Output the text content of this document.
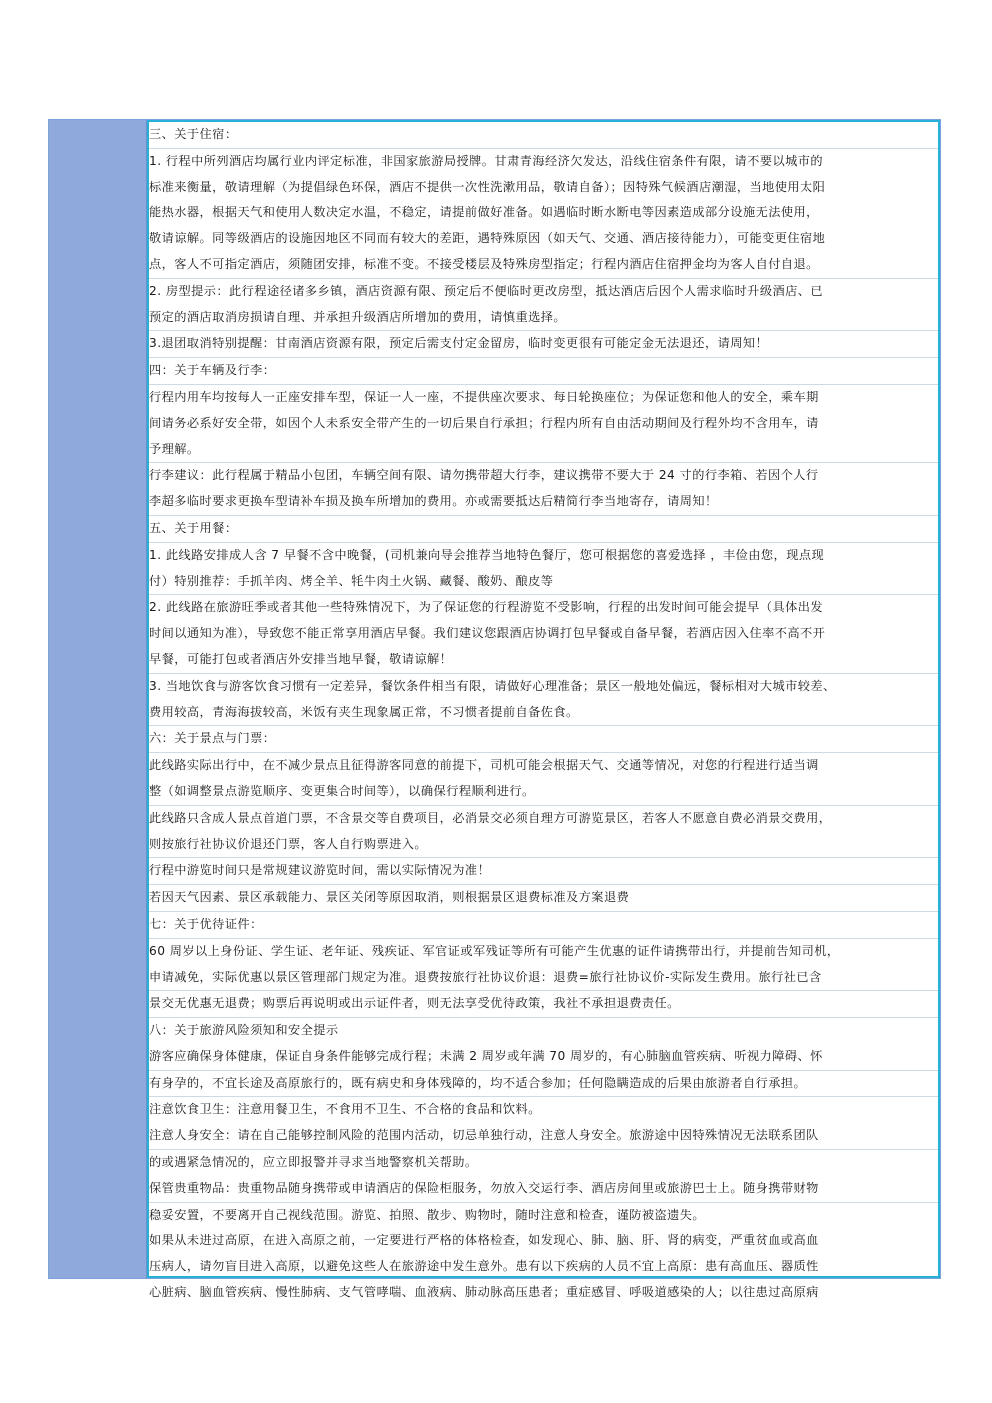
三、关于住宿：
1. 行程中所列酒店均属行业内评定标准，非国家旅游局授牌。甘肃青海经济欠发达，沿线住宿条件有限，请不要以城市的
标准来衡量，敬请理解（为提倡绿色环保，酒店不提供一次性洗漱用品，敬请自备）；因特殊气候酒店潮湿，当地使用太阳
能热水器，根据天气和使用人数决定水温，不稳定，请提前做好准备。如遇临时断水断电等因素造成部分设施无法使用，
敬请谅解。同等级酒店的设施因地区不同而有较大的差距，遇特殊原因（如天气、交通、酒店接待能力），可能变更住宿地
点，客人不可指定酒店，须随团安排，标准不变。不接受楼层及特殊房型指定；行程内酒店住宿押金均为客人自付自退。
2. 房型提示：此行程途径诸多乡镇，酒店资源有限、预定后不便临时更改房型，抵达酒店后因个人需求临时升级酒店、已
预定的酒店取消房损请自理、并承担升级酒店所增加的费用，请慎重选择。
3.退团取消特别提醒：甘南酒店资源有限，预定后需支付定金留房，临时变更很有可能定金无法退还，请周知！
四：关于车辆及行李：
行程内用车均按每人一正座安排车型，保证一人一座，不提供座次要求、每日轮换座位；为保证您和他人的安全，乘车期
间请务必系好安全带，如因个人未系安全带产生的一切后果自行承担；行程内所有自由活动期间及行程外均不含用车，请
予理解。
行李建议：此行程属于精品小包团，车辆空间有限、请勿携带超大行李，建议携带不要大于 24 寸的行李箱、若因个人行
李超多临时要求更换车型请补车损及换车所增加的费用。亦或需要抵达后精简行李当地寄存，请周知！
五、关于用餐：
1. 此线路安排成人含 7 早餐不含中晚餐，(司机兼向导会推荐当地特色餐厅，您可根据您的喜爱选择 ，丰俭由您，现点现
付）特别推荐：手抓羊肉、烤全羊、牦牛肉土火锅、藏餐、酸奶、酿皮等
2. 此线路在旅游旺季或者其他一些特殊情况下，为了保证您的行程游览不受影响，行程的出发时间可能会提早（具体出发
时间以通知为准），导致您不能正常享用酒店早餐。我们建议您跟酒店协调打包早餐或自备早餐，若酒店因入住率不高不开
早餐，可能打包或者酒店外安排当地早餐，敬请谅解！
3. 当地饮食与游客饮食习惯有一定差异，餐饮条件相当有限，请做好心理准备；景区一般地处偏远，餐标相对大城市较差、
费用较高，青海海拔较高，米饭有夹生现象属正常，不习惯者提前自备佐食。
六：关于景点与门票：
此线路实际出行中，在不减少景点且征得游客同意的前提下，司机可能会根据天气、交通等情况，对您的行程进行适当调
整（如调整景点游览顺序、变更集合时间等），以确保行程顺利进行。
此线路只含成人景点首道门票，不含景交等自费项目，必消景交必须自理方可游览景区，若客人不愿意自费必消景交费用，
则按旅行社协议价退还门票，客人自行购票进入。
行程中游览时间只是常规建议游览时间，需以实际情况为准！
若因天气因素、景区承载能力、景区关闭等原因取消，则根据景区退费标准及方案退费
七：关于优待证件：
60 周岁以上身份证、学生证、老年证、残疾证、军官证或军残证等所有可能产生优惠的证件请携带出行，并提前告知司机，
申请减免，实际优惠以景区管理部门规定为准。退费按旅行社协议价退：退费=旅行社协议价-实际发生费用。旅行社已含
景交无优惠无退费；购票后再说明或出示证件者，则无法享受优待政策，我社不承担退费责任。
八：关于旅游风险须知和安全提示
游客应确保身体健康，保证自身条件能够完成行程；未满 2 周岁或年满 70 周岁的，有心肺脑血管疾病、听视力障碍、怀
有身孕的，不宜长途及高原旅行的，既有病史和身体残障的，均不适合参加；任何隐瞒造成的后果由旅游者自行承担。
注意饮食卫生：注意用餐卫生，不食用不卫生、不合格的食品和饮料。
注意人身安全：请在自己能够控制风险的范围内活动，切忌单独行动，注意人身安全。旅游途中因特殊情况无法联系团队
的或遇紧急情况的，应立即报警并寻求当地警察机关帮助。
保管贵重物品：贵重物品随身携带或申请酒店的保险柜服务，勿放入交运行李、酒店房间里或旅游巴士上。随身携带财物
稳妥安置，不要离开自己视线范围。游览、拍照、散步、购物时，随时注意和检查，谨防被盗遗失。
如果从未进过高原，在进入高原之前，一定要进行严格的体格检查，如发现心、肺、脑、肝、肾的病变，严重贫血或高血
压病人，请勿盲目进入高原，以避免这些人在旅游途中发生意外。患有以下疾病的人员不宜上高原：患有高血压、器质性
心脏病、脑血管疾病、慢性肺病、支气管哮喘、血液病、肺动脉高压患者；重症感冒、呼吸道感染的人；以往患过高原病
